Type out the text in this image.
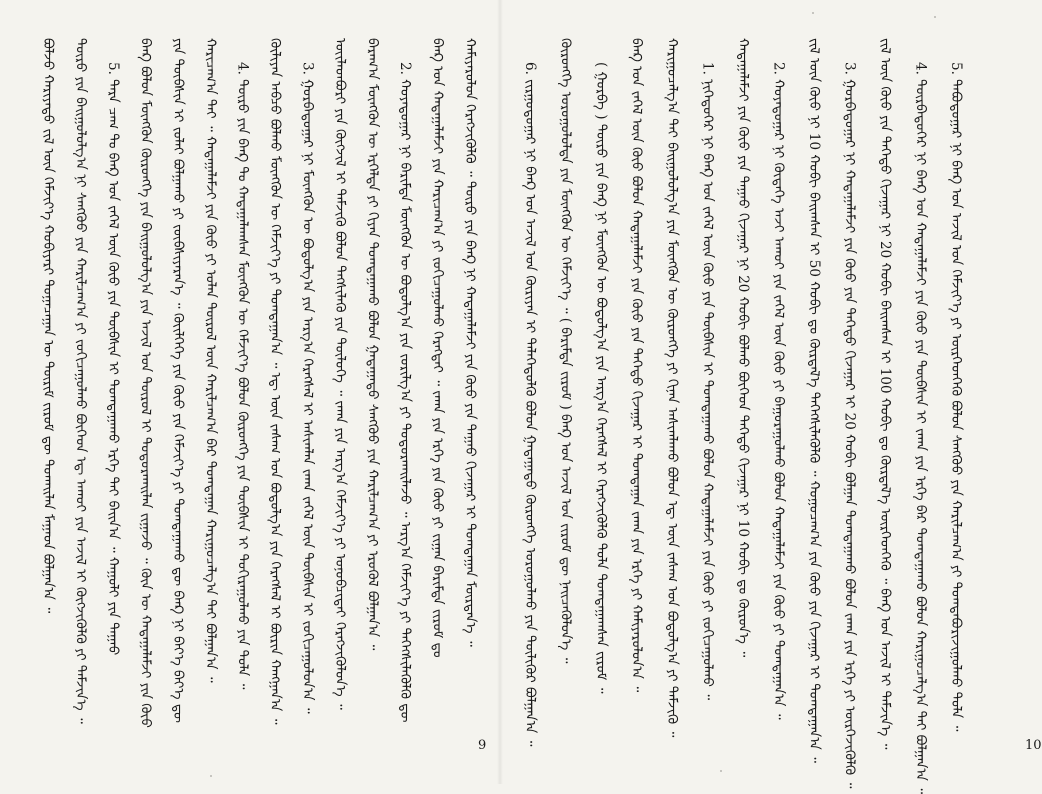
ᠪᠣᠯᠵᠤ ᠬᠠᠷᠢᠶᠠᠲᠤ ᠵᠢᠯ ᠦᠨ ᠬᠡᠮᠵᠢᠶ᠎ᠡ ᠬᠤᠪᠢᠶᠠᠷᠢ ᠲᠣᠭᠠᠴᠠᠭᠠᠨ ᠦ ᠳᠦᠷᠢᠮ ᠵᠢᠷᠤᠮ ᠳᠦ ᠲᠤᠬᠠᠢᠯᠠᠨ ᠮᠠᠭᠠᠳ ᠪᠣᠯᠭᠠᠨ᠎ᠠ ᠃ ᠲᠥᠷᠦ ᠶᠢᠨ ᠪᠠᠢᠭᠤᠯᠤᠯᠭ᠎ᠠ ᠨᠢ ᠰᠠᠩᠬᠦᠦ ᠶᠢᠨ ᠬᠠᠷᠢᠯᠴᠠᠭ᠎ᠠ ᠶᠢ ᠵᠣᠬᠢᠴᠠᠭᠤᠯᠬᠤ ᠪᠥᠭᠡᠳ ᠡᠳ᠋ ᠠᠬᠤᠢ ᠶᠢᠨ ᠠᠵᠢᠯ ᠢ ᠬᠥᠭᠵᠢᠭᠦᠯᠬᠦ ᠶᠢ ᠳᠡᠮᠵᠢᠨ᠎ᠡ ᠃ 5. ᠲᠡᠷᠡ ᠴᠠᠭ ᠲᠤ ᠪᠠᠨᠺ ᠤᠨ ᠵᠡᠭᠡᠯ ᠦᠨ ᠬᠦᠦ ᠶᠢᠨ ᠲᠦᠪᠰᠢᠨ ᠢ ᠲᠣᠭᠲᠠᠭᠠᠬᠤ ᠡᠷᠬᠡ ᠲᠠᠢ ᠪᠠᠢᠨ᠎ᠠ ᠃ ᠬᠠᠭᠤᠯᠢ ᠶᠢᠨ ᠳᠠᠭᠠᠤ ᠪᠠᠨᠺ ᠪᠣᠯᠤᠨ ᠮᠥᠩᠭᠥᠨ ᠬᠥᠷᠥᠩᠭᠡ ᠶᠢᠨ ᠪᠠᠢᠭᠤᠯᠤᠯᠭ᠎ᠠ ᠶᠢᠨ ᠠᠵᠢᠯ ᠤᠨ ᠲᠥᠷᠥᠯ ᠢ ᠲᠣᠳᠣᠷᠬᠠᠢᠯᠠᠨ ᠵᠢᠭᠠᠵᠤ ᠃ ᠬᠦᠨ ᠦ ᠬᠠᠳᠠᠭᠠᠯᠠᠮᠵᠢ ᠶᠢᠨ ᠬᠦᠦ ᠶᠢᠨ ᠲᠦᠪᠰᠢᠨ ᠢ ᠵᠤᠯᠠᠢ ᠪᠣᠯᠭᠠᠬᠤ ᠶᠢ ᠵᠥᠪᠰᠢᠶᠡᠷᠡᠨ᠎ᠡ ᠃ ᠭᠦᠢᠯᠭᠡᠭᠡ ᠶᠢᠨ ᠬᠦᠦ ᠶᠢᠨ ᠬᠡᠮᠵᠢᠶ᠎ᠡ ᠶᠢ ᠲᠣᠭᠲᠠᠭᠠᠬᠤ ᠳᠦ ᠪᠠᠨᠺ ᠨᠢ ᠪᠡᠶ᠎ᠡ ᠪᠡᠶ᠎ᠡ ᠳᠦ ᠬᠠᠷᠢᠴᠠᠭ᠎ᠠ ᠲᠠᠢ ᠃ ᠬᠠᠳᠠᠭᠠᠯᠠᠮᠵᠢ ᠶᠢᠨ ᠬᠦᠦ ᠶᠢ ᠣᠯᠠᠨ ᠲᠥᠷᠥᠯ ᠦᠨ ᠬᠠᠷᠢᠯᠴᠠᠭ᠎ᠠ ᠪᠡᠷ ᠲᠣᠭᠲᠠᠭᠠᠨ ᠬᠠᠷᠢᠭᠤᠴᠠᠯᠭ᠎ᠠ ᠲᠠᠢ ᠪᠣᠯᠭᠠᠨ᠎ᠠ ᠃ 4. ᠲᠥᠷᠦ ᠶᠢᠨ ᠪᠠᠨᠺ ᠲᠤ ᠬᠠᠳᠠᠭᠠᠯᠠᠭᠰᠠᠨ ᠮᠥᠩᠭᠥᠨ ᠦ ᠬᠡᠮᠵᠢᠶ᠎ᠡ ᠪᠣᠯᠤᠨ ᠬᠥᠷᠥᠩᠭᠡ ᠶᠢᠨ ᠲᠦᠪᠰᠢᠨ ᠢ ᠲᠣᠬᠢᠷᠠᠭᠤᠯᠬᠤ ᠶᠢᠨ ᠲᠤᠯᠠ ᠃ ᠬᠦᠯᠢᠶᠡᠨ ᠠᠪᠴᠤ ᠪᠣᠯᠬᠤ ᠮᠥᠩᠭᠥᠨ ᠦ ᠬᠡᠮᠵᠢᠶ᠎ᠡ ᠶᠢ ᠲᠣᠭᠲᠠᠭᠠᠨ᠎ᠠ ᠃ ᠡᠳ᠋ ᠦᠨ ᠵᠠᠰᠠᠭ ᠤᠨ ᠪᠣᠳᠣᠯᠭ᠎ᠠ ᠶᠢᠨ ᠬᠡᠷᠡᠭᠰᠡᠯ ᠢ ᠪᠦᠷᠢᠨ ᠬᠠᠩᠭᠠᠨ᠎ᠠ ᠃ 3. ᠭᠤᠷᠪᠠᠳᠤᠭᠠᠷ ᠨᠢ ᠮᠥᠩᠭᠥᠨ ᠦ ᠪᠣᠳᠣᠯᠭ᠎ᠠ ᠶᠢᠨ ᠠᠷᠭ᠎ᠠ ᠬᠡᠷᠡᠭᠰᠡᠯ ᠢ ᠠᠰᠢᠭᠯᠠᠨ ᠵᠠᠬᠠ ᠵᠡᠭᠡᠯ ᠦᠨ ᠲᠦᠪᠰᠢᠨ ᠢ ᠵᠣᠬᠢᠴᠠᠭᠤᠯᠤᠨ᠎ᠠ ᠃ ᠦᠢᠯᠡᠳᠪᠦᠷᠢ ᠶᠢᠨ ᠬᠥᠭᠵᠢᠯ ᠢ ᠳᠡᠮᠵᠢᠬᠦ ᠪᠣᠯᠤᠨ ᠲᠡᠭᠰᠢᠯᠡᠬᠦ ᠶᠢᠨ ᠲᠥᠯᠦᠭᠡ ᠃ ᠵᠠᠬᠠ ᠶᠢᠨ ᠠᠷᠭ᠎ᠠ ᠬᠡᠮᠵᠢᠶ᠎ᠡ ᠶᠢ ᠣᠨᠣᠪᠴᠢᠲᠠᠢ ᠬᠡᠷᠡᠭᠵᠢᠭᠦᠯᠦᠨ᠎ᠡ ᠃ ᠪᠠᠷᠠᠭ᠎ᠠ ᠮᠥᠩᠭᠥᠨ ᠦ ᠡᠷᠭᠡᠯᠲᠡ ᠶᠢ ᠬᠢᠶᠠᠨ ᠲᠣᠭᠲᠠᠭᠠᠬᠤ ᠪᠣᠯᠤᠨ ᠭᠠᠳᠠᠭᠠᠳᠤ ᠰᠠᠩᠬᠦᠦ ᠶᠢᠨ ᠬᠠᠷᠢᠯᠴᠠᠭ᠎ᠠ ᠶᠢ ᠡᠷᠦᠬᠦᠯ ᠪᠣᠯᠭᠠᠨ᠎ᠠ ᠃ 2. ᠬᠣᠶᠠᠳᠤᠭᠠᠷ ᠨᠢ ᠪᠠᠷᠢᠮᠲᠠ ᠮᠥᠩᠭᠥᠨ ᠦ ᠪᠣᠳᠣᠯᠭ᠎ᠠ ᠶᠢᠨ ᠵᠣᠷᠢᠯᠭ᠎ᠠ ᠶᠢ ᠲᠣᠳᠣᠷᠬᠠᠢᠯᠠᠵᠤ ᠃ ᠠᠷᠭ᠎ᠠ ᠬᠡᠮᠵᠢᠶ᠎ᠡ ᠶᠢ ᠳᠡᠭᠡᠭᠰᠢᠯᠡᠭᠦᠯᠬᠦ ᠳᠦ ᠪᠠᠨᠺ ᠤᠨ ᠬᠠᠳᠠᠭᠠᠯᠠᠮᠵᠢ ᠶᠢᠨ ᠬᠠᠷᠢᠴᠠᠭ᠎ᠠ ᠶᠢ ᠵᠣᠬᠢᠴᠠᠭᠤᠯᠬᠤ ᠬᠡᠷᠡᠭᠲᠡᠢ ᠃ ᠵᠠᠬᠠ ᠶᠢᠨ ᠡᠷᠬᠡ ᠶᠢᠨ ᠬᠦᠦ ᠶᠢ ᠵᠢᠭᠠᠨ ᠪᠠᠷᠢᠮᠲᠠ ᠵᠢᠷᠤᠮ ᠳᠤ ᠬᠠᠮᠢᠶᠠᠷᠤᠯᠤᠨ ᠬᠡᠷᠡᠭᠵᠢᠭᠦᠯᠬᠦ ᠃ ᠲᠥᠷᠦ ᠶᠢᠨ ᠪᠠᠨᠺ ᠨᠢ ᠬᠠᠳᠠᠭᠠᠯᠠᠮᠵᠢ ᠶᠢᠨ ᠬᠦᠦ ᠶᠢᠨ ᠳᠠᠭᠠᠤ ᠬᠢᠵᠠᠭᠠᠷ ᠢ ᠲᠣᠭᠲᠠᠭᠠᠨ ᠮᠥᠷᠳᠡᠨ᠎ᠡ ᠃
9	6. ᠵᠢᠷᠭᠤᠳᠤᠭᠠᠷ ᠨᠢ ᠪᠠᠨᠺ ᠤᠨ ᠠᠵᠢᠯ ᠤᠨ ᠬᠦᠷᠢᠶᠡᠨ ᠢ ᠲᠡᠯᠡᠭᠡᠳᠦᠯᠬᠦ ᠪᠣᠯᠤᠨ ᠭᠠᠳᠠᠭᠠᠳᠤ ᠬᠥᠷᠥᠩᠭᠡ ᠣᠷᠣᠭᠤᠯᠬᠤ ᠶᠢᠨ ᠲᠦᠯᠢᠭᠦᠷ ᠪᠣᠯᠭᠠᠨ᠎ᠠ ᠃ ᠬᠥᠷᠥᠩᠭᠡ ᠣᠷᠣᠭᠤᠯᠤᠯᠲᠠ ᠶᠢᠨ ᠮᠥᠩᠭᠥᠨ ᠦ ᠬᠡᠮᠵᠢᠶ᠎ᠡ ᠃ ( ᠪᠠᠷᠢᠮᠲᠠ ᠵᠢᠷᠤᠮ ) ᠪᠠᠨᠺ ᠤᠨ ᠠᠵᠢᠯ ᠤᠨ ᠵᠢᠷᠤᠮ ᠳᠦ ᠨᠡᠢᠴᠡᠭᠦᠯᠦᠨ᠎ᠡ ᠃ ( ᠭᠤᠷᠪᠠ ) ᠲᠥᠷᠦ ᠶᠢᠨ ᠪᠠᠨᠺ ᠨᠢ ᠮᠥᠩᠭᠥᠨ ᠦ ᠪᠣᠳᠣᠯᠭ᠎ᠠ ᠶᠢᠨ ᠠᠷᠭ᠎ᠠ ᠬᠡᠷᠡᠭᠰᠡᠯ ᠢ ᠬᠡᠷᠡᠭᠵᠢᠭᠦᠯᠬᠦ ᠲᠤᠯᠠ ᠲᠣᠭᠲᠠᠭᠠᠭᠰᠠᠨ ᠵᠢᠷᠤᠮ ᠃ ᠪᠠᠨᠺ ᠤᠨ ᠵᠡᠭᠡᠯ ᠦᠨ ᠬᠦᠦ ᠪᠣᠯᠤᠨ ᠬᠠᠳᠠᠭᠠᠯᠠᠮᠵᠢ ᠶᠢᠨ ᠬᠦᠦ ᠶᠢᠨ ᠳᠡᠭᠡᠳᠦ ᠬᠢᠵᠠᠭᠠᠷ ᠢ ᠲᠣᠭᠲᠠᠭᠠᠨ ᠵᠠᠬᠠ ᠶᠢᠨ ᠡᠷᠬᠡ ᠶᠢ ᠬᠠᠮᠢᠶᠠᠷᠤᠯᠤᠨ᠎ᠠ ᠃ ᠬᠠᠷᠢᠭᠤᠴᠠᠯᠭ᠎ᠠ ᠲᠠᠢ ᠪᠠᠢᠭᠤᠯᠤᠯᠭ᠎ᠠ ᠶᠢᠨ ᠮᠥᠩᠭᠥᠨ ᠦ ᠬᠥᠷᠥᠩᠭᠡ ᠶᠢ ᠬᠢᠨᠠᠨ ᠠᠰᠢᠭᠯᠠᠬᠤ ᠪᠣᠯᠤᠨ ᠡᠳ᠋ ᠦᠨ ᠵᠠᠰᠠᠭ ᠤᠨ ᠪᠣᠳᠣᠯᠭ᠎ᠠ ᠶᠢ ᠳᠡᠮᠵᠢᠬᠦ ᠃ 1. ᠨᠢᠭᠡᠳᠦᠭᠡᠷ ᠨᠢ ᠪᠠᠨᠺ ᠤᠨ ᠵᠡᠭᠡᠯ ᠦᠨ ᠬᠦᠦ ᠶᠢᠨ ᠲᠦᠪᠰᠢᠨ ᠢ ᠲᠣᠭᠲᠠᠭᠠᠬᠤ ᠪᠣᠯᠤᠨ ᠬᠠᠳᠠᠭᠠᠯᠠᠮᠵᠢ ᠶᠢᠨ ᠬᠦᠦ ᠶᠢ ᠵᠣᠬᠢᠴᠠᠭᠤᠯᠬᠤ ᠃ ᠬᠠᠳᠠᠭᠠᠯᠠᠮᠵᠢ ᠶᠢᠨ ᠬᠦᠦ ᠶᠢᠨ ᠳᠠᠭᠠᠤ ᠬᠢᠵᠠᠭᠠᠷ ᠨᠢ 20 ᠬᠤᠪᠢ ᠪᠣᠯᠬᠤ ᠪᠥᠭᠡᠳ ᠳᠡᠭᠡᠳᠦ ᠬᠢᠵᠠᠭᠠᠷ ᠨᠢ 10 ᠬᠤᠪᠢ ᠳᠤ ᠬᠦᠷᠦᠨ᠎ᠡ ᠃ 2. ᠬᠣᠶᠠᠳᠤᠭᠠᠷ ᠨᠢ ᠬᠥᠳᠡᠭᠡ ᠠᠵᠢ ᠠᠬᠤᠢ ᠶᠢᠨ ᠵᠡᠭᠡᠯ ᠦᠨ ᠬᠦᠦ ᠶᠢ ᠪᠠᠭᠤᠷᠠᠭᠤᠯᠬᠤ ᠪᠣᠯᠤᠨ ᠬᠠᠳᠠᠭᠠᠯᠠᠮᠵᠢ ᠶᠢᠨ ᠬᠦᠦ ᠶᠢ ᠲᠣᠭᠲᠠᠭᠠᠨ᠎ᠠ ᠃ ᠵᠢᠯ ᠦᠨ ᠬᠦᠦ ᠨᠢ 10 ᠬᠤᠪᠢ ᠪᠠᠢᠭᠰᠠᠨ ᠢ 50 ᠬᠤᠪᠢ ᠳᠤ ᠬᠦᠷᠲᠡᠯ᠎ᠡ ᠳᠡᠭᠡᠭᠰᠢᠯᠡᠭᠦᠯᠬᠦ ᠃ ᠬᠤᠭᠤᠴᠠᠭ᠎ᠠ ᠶᠢᠨ ᠬᠦᠦ ᠶᠢᠨ ᠬᠢᠵᠠᠭᠠᠷ ᠢ ᠲᠣᠭᠲᠠᠭᠠᠨ᠎ᠠ ᠃ 3. ᠭᠤᠷᠪᠠᠳᠤᠭᠠᠷ ᠨᠢ ᠬᠠᠳᠠᠭᠠᠯᠠᠮᠵᠢ ᠶᠢᠨ ᠬᠦᠦ ᠶᠢᠨ ᠳᠡᠭᠡᠳᠦ ᠬᠢᠵᠠᠭᠠᠷ ᠢ 20 ᠬᠤᠪᠢ ᠪᠣᠯᠭᠠᠨ ᠲᠣᠭᠲᠠᠭᠠᠬᠤ ᠪᠣᠯᠤᠨ ᠵᠠᠬᠠ ᠶᠢᠨ ᠡᠷᠬᠡ ᠶᠢ ᠥᠷᠭᠡᠵᠢᠭᠦᠯᠬᠦ ᠃ ᠵᠢᠯ ᠦᠨ ᠬᠦᠦ ᠶᠢᠨ ᠳᠡᠭᠡᠳᠦ ᠬᠢᠵᠠᠭᠠᠷ ᠨᠢ 20 ᠬᠤᠪᠢ ᠪᠠᠢᠭᠰᠠᠨ ᠢ 100 ᠬᠤᠪᠢ ᠳᠤ ᠬᠦᠷᠲᠡᠯ᠎ᠡ ᠥᠷᠭᠡᠳᠬᠡᠬᠦ ᠃ ᠪᠠᠨᠺ ᠤᠨ ᠠᠵᠢᠯ ᠢ ᠳᠡᠮᠵᠢᠨ᠎ᠡ ᠃ 4. ᠳᠥᠷᠪᠡᠳᠦᠭᠡᠷ ᠨᠢ ᠪᠠᠨᠺ ᠤᠨ ᠬᠠᠳᠠᠭᠠᠯᠠᠮᠵᠢ ᠶᠢᠨ ᠬᠦᠦ ᠶᠢᠨ ᠲᠦᠪᠰᠢᠨ ᠢ ᠵᠠᠬᠠ ᠶᠢᠨ ᠡᠷᠬᠡ ᠪᠡᠷ ᠲᠣᠭᠲᠠᠭᠠᠬᠤ ᠪᠣᠯᠤᠨ ᠬᠠᠷᠢᠭᠤᠴᠠᠯᠭ᠎ᠠ ᠲᠠᠢ ᠪᠣᠯᠭᠠᠨ᠎ᠠ ᠃ 5. ᠲᠠᠪᠤᠳᠤᠭᠠᠷ ᠨᠢ ᠪᠠᠨᠺ ᠤᠨ ᠠᠵᠢᠯ ᠤᠨ ᠬᠡᠮᠵᠢᠶ᠎ᠡ ᠶᠢ ᠥᠷᠭᠡᠳᠬᠡᠬᠦ ᠪᠣᠯᠤᠨ ᠰᠠᠩᠬᠦᠦ ᠶᠢᠨ ᠬᠠᠷᠢᠯᠴᠠᠭ᠎ᠠ ᠶᠢ ᠲᠣᠭᠲᠠᠪᠤᠷᠢᠵᠢᠭᠤᠯᠬᠤ ᠲᠤᠯᠠ ᠃
10
